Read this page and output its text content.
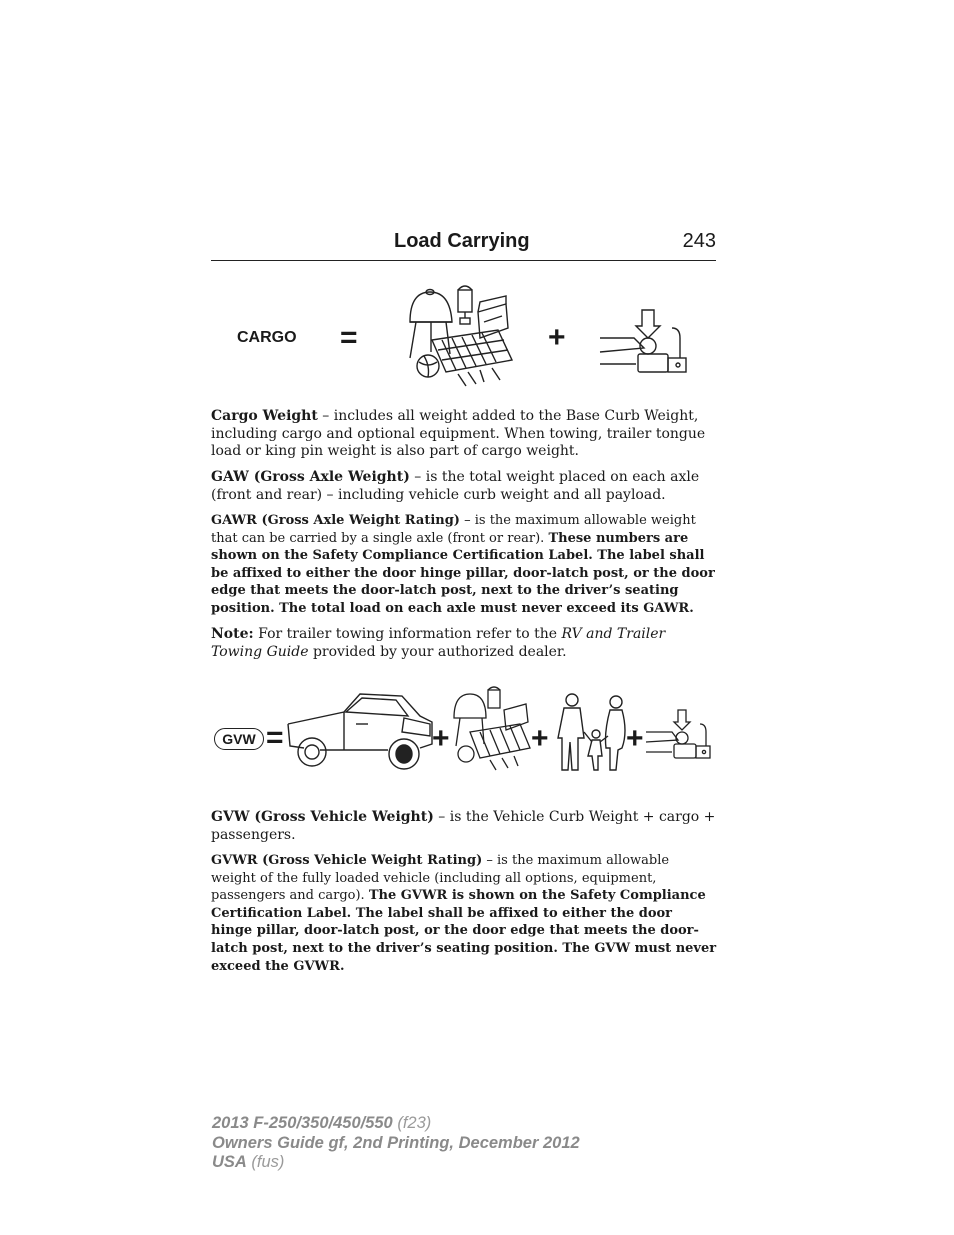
Load Carrying	243
CARGO =	+
Cargo Weight – includes all weight added to the Base Curb Weight, including cargo and optional equipment. When towing, trailer tongue load or king pin weight is also part of cargo weight.
GAW (Gross Axle Weight) – is the total weight placed on each axle (front and rear) – including vehicle curb weight and all payload.
GAWR (Gross Axle Weight Rating) – is the maximum allowable weight that can be carried by a single axle (front or rear). These numbers are shown on the Safety Compliance Certification Label. The label shall be affixed to either the door hinge pillar, door-latch post, or the door edge that meets the door-latch post, next to the driver’s seating position. The total load on each axle must never exceed its GAWR.
Note: For trailer towing information refer to the RV and Trailer Towing Guide provided by your authorized dealer.
GVW =	+	+	+
GVW (Gross Vehicle Weight) – is the Vehicle Curb Weight + cargo + passengers.
GVWR (Gross Vehicle Weight Rating) – is the maximum allowable weight of the fully loaded vehicle (including all options, equipment, passengers and cargo). The GVWR is shown on the Safety Compliance Certification Label. The label shall be affixed to either the door hinge pillar, door-latch post, or the door edge that meets the door-latch post, next to the driver’s seating position. The GVW must never exceed the GVWR.
2013 F-250/350/450/550 (f23)
Owners Guide gf, 2nd Printing, December 2012
USA (fus)
